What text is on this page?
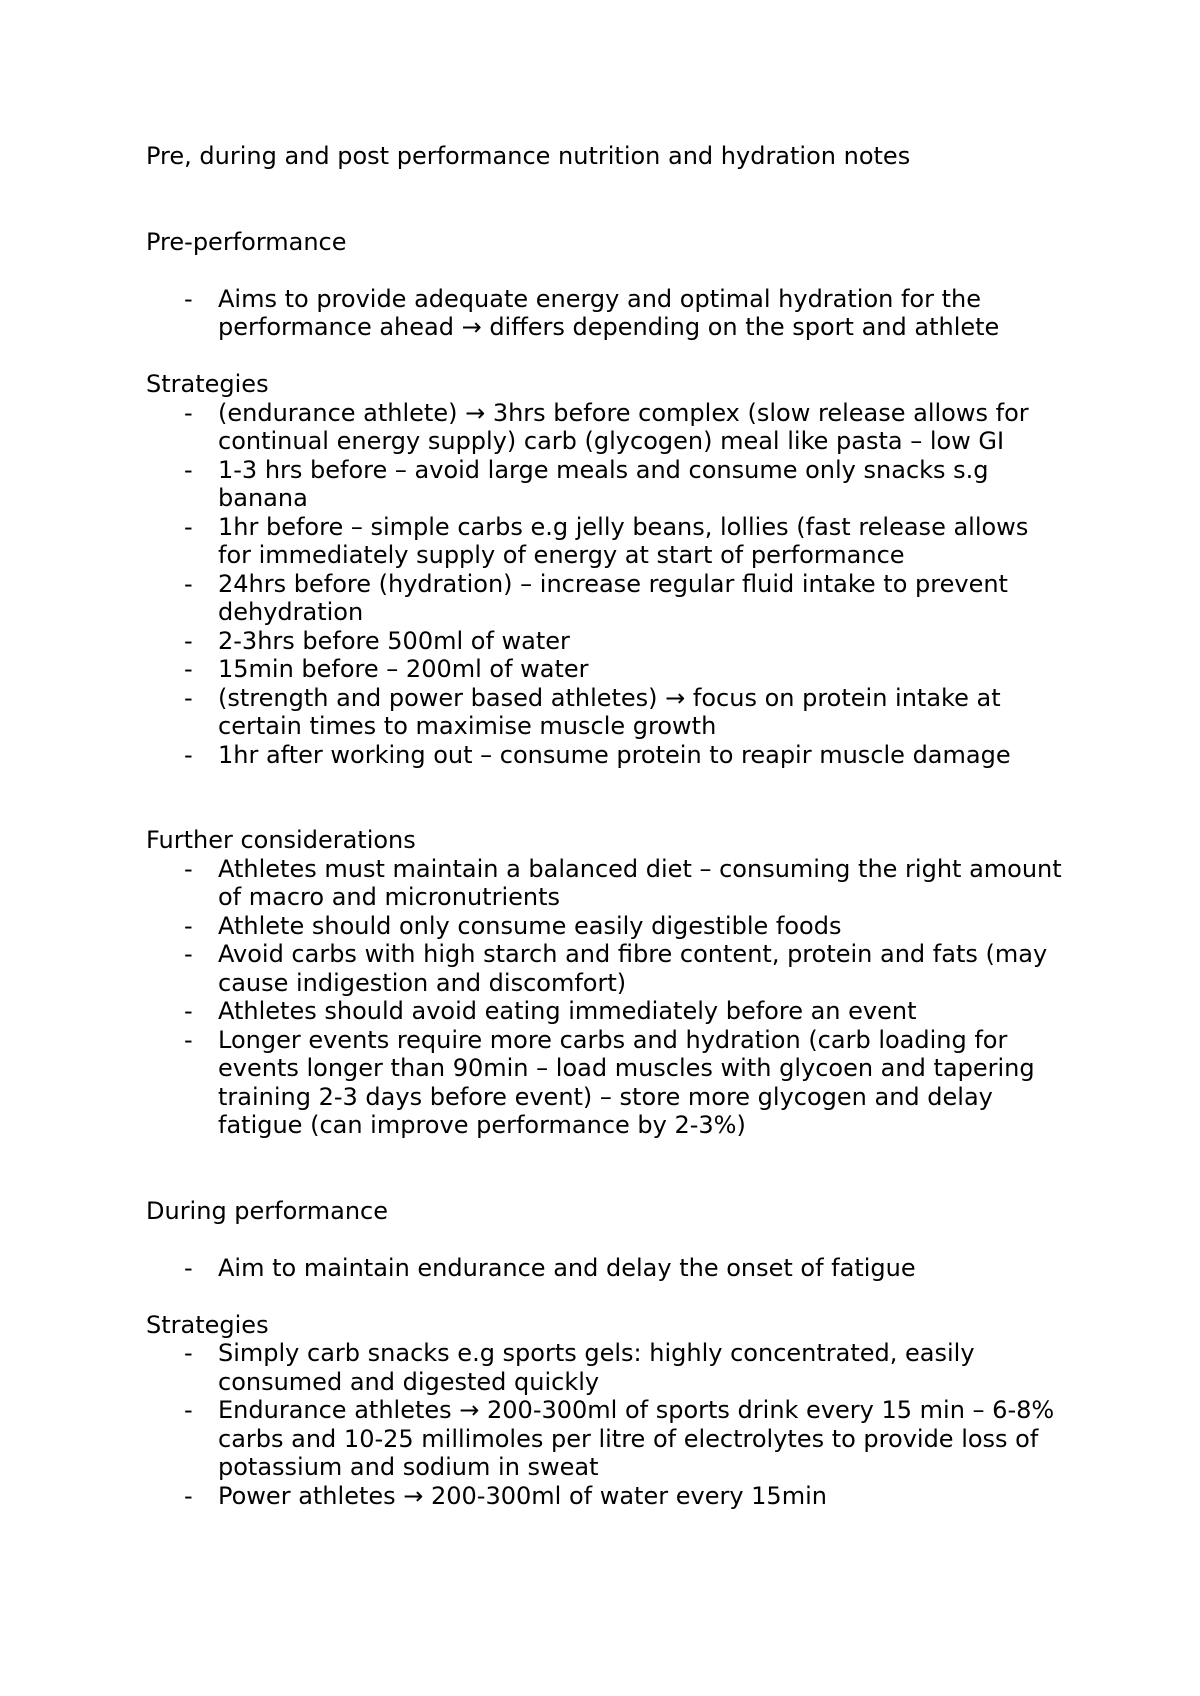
Pre, during and post performance nutrition and hydration notes

Pre-performance

- Aims to provide adequate energy and optimal hydration for the performance ahead → differs depending on the sport and athlete

Strategies

- (endurance athlete) → 3hrs before complex (slow release allows for continual energy supply) carb (glycogen) meal like pasta – low GI
- 1-3 hrs before – avoid large meals and consume only snacks s.g banana
- 1hr before – simple carbs e.g jelly beans, lollies (fast release allows for immediately supply of energy at start of performance
- 24hrs before (hydration) – increase regular fluid intake to prevent dehydration
- 2-3hrs before 500ml of water
- 15min before – 200ml of water
- (strength and power based athletes) → focus on protein intake at certain times to maximise muscle growth
- 1hr after working out – consume protein to reapir muscle damage

Further considerations

- Athletes must maintain a balanced diet – consuming the right amount of macro and micronutrients
- Athlete should only consume easily digestible foods
- Avoid carbs with high starch and fibre content, protein and fats (may cause indigestion and discomfort)
- Athletes should avoid eating immediately before an event
- Longer events require more carbs and hydration (carb loading for events longer than 90min – load muscles with glycoen and tapering training 2-3 days before event) – store more glycogen and delay fatigue (can improve performance by 2-3%)

During performance

- Aim to maintain endurance and delay the onset of fatigue

Strategies

- Simply carb snacks e.g sports gels: highly concentrated, easily consumed and digested quickly
- Endurance athletes → 200-300ml of sports drink every 15 min – 6-8% carbs and 10-25 millimoles per litre of electrolytes to provide loss of potassium and sodium in sweat
- Power athletes → 200-300ml of water every 15min
